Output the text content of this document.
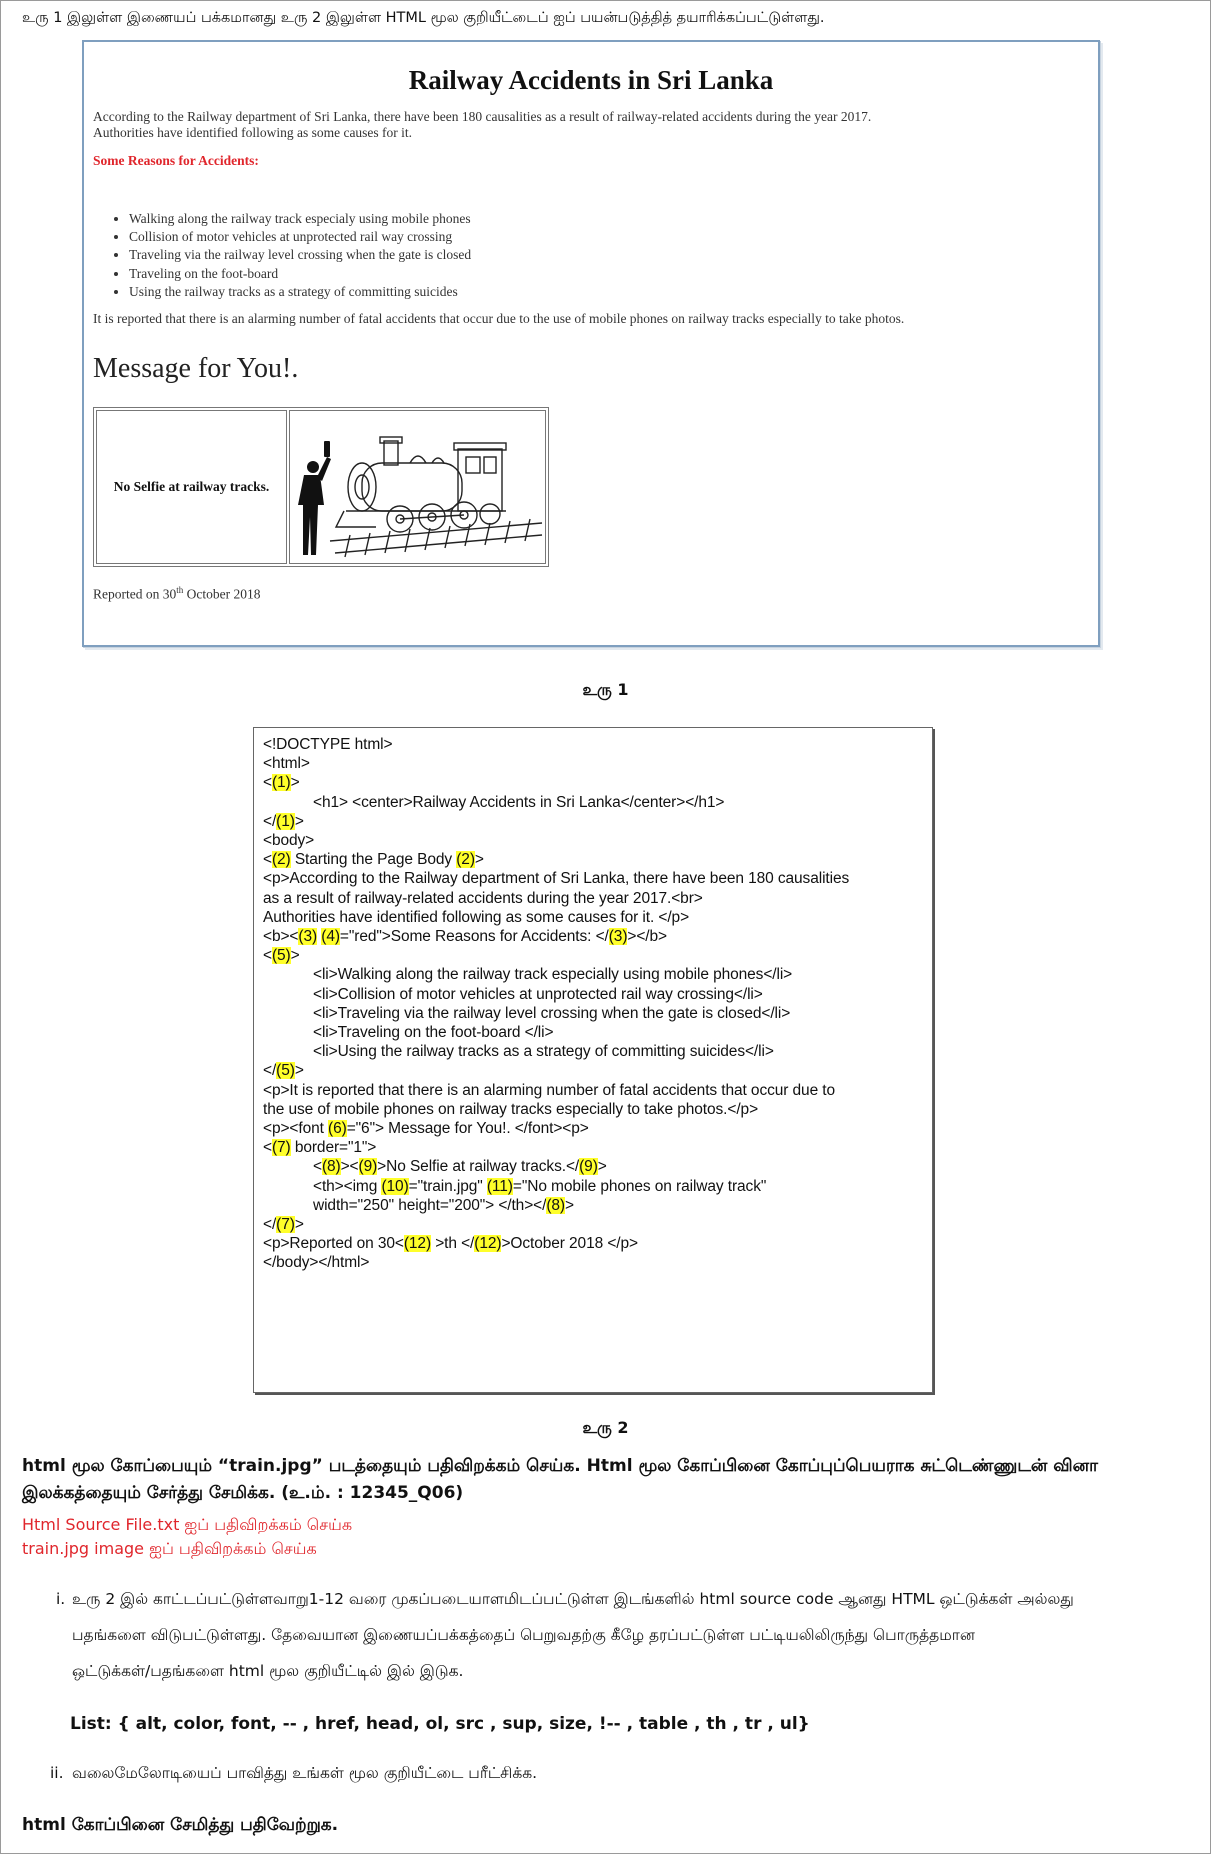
உரு 1 இலுள்ள இணையப் பக்கமானது உரு 2 இலுள்ள HTML மூல குறியீட்டைப் ஐப் பயன்படுத்தித் தயாரிக்கப்பட்டுள்ளது.
Railway Accidents in Sri Lanka
According to the Railway department of Sri Lanka, there have been 180 causalities as a result of railway-related accidents during the year 2017.
Authorities have identified following as some causes for it.
Some Reasons for Accidents:
• Walking along the railway track especialy using mobile phones
• Collision of motor vehicles at unprotected rail way crossing
• Traveling via the railway level crossing when the gate is closed
• Traveling on the foot-board
• Using the railway tracks as a strategy of committing suicides
It is reported that there is an alarming number of fatal accidents that occur due to the use of mobile phones on railway tracks especially to take photos.
Message for You!.
No Selfie at railway tracks.
Reported on 30th October 2018
உரு 1
<!DOCTYPE html>
<html>
<(1)>
<h1> <center>Railway Accidents in Sri Lanka</center></h1>
</(1)>
<body>
<(2) Starting the Page Body (2)>
<p>According to the Railway department of Sri Lanka, there have been 180 causalities
as a result of railway-related accidents during the year 2017.<br>
Authorities have identified following as some causes for it. </p>
<b><(3) (4)="red">Some Reasons for Accidents: </(3)></b>
<(5)>
<li>Walking along the railway track especially using mobile phones</li>
<li>Collision of motor vehicles at unprotected rail way crossing</li>
<li>Traveling via the railway level crossing when the gate is closed</li>
<li>Traveling on the foot-board </li>
<li>Using the railway tracks as a strategy of committing suicides</li>
</(5)>
<p>It is reported that there is an alarming number of fatal accidents that occur due to
the use of mobile phones on railway tracks especially to take photos.</p>
<p><font (6)="6"> Message for You!. </font><p>
<(7) border="1">
<(8)><(9)>No Selfie at railway tracks.</(9)>
<th><img (10)="train.jpg" (11)="No mobile phones on railway track"
width="250" height="200"> </th></(8)>
</(7)>
<p>Reported on 30<(12) >th </(12)>October 2018 </p>
</body></html>
உரு 2
html மூல கோப்பையும் “train.jpg” படத்தையும் பதிவிறக்கம் செய்க. Html மூல கோப்பினை கோப்புப்பெயராக சுட்டெண்ணுடன் வினா
இலக்கத்தையும் சேர்த்து சேமிக்க. (உ.ம். : 12345_Q06)
Html Source File.txt ஐப் பதிவிறக்கம் செய்க
train.jpg image ஐப் பதிவிறக்கம் செய்க
i. உரு 2 இல் காட்டப்பட்டுள்ளவாறு1-12 வரை முகப்படையாளமிடப்பட்டுள்ள இடங்களில் html source code ஆனது HTML ஒட்டுக்கள் அல்லது
பதங்களை விடுபட்டுள்ளது. தேவையான இணையப்பக்கத்தைப் பெறுவதற்கு கீழே தரப்பட்டுள்ள பட்டியலிலிருந்து பொருத்தமான
ஒட்டுக்கள்/பதங்களை html மூல குறியீட்டில் இல் இடுக.
List: { alt, color, font, -- , href, head, ol, src , sup, size, !-- , table , th , tr , ul}
ii. வலைமேலோடியைப் பாவித்து உங்கள் மூல குறியீட்டை பரீட்சிக்க.
html கோப்பினை சேமித்து பதிவேற்றுக.
